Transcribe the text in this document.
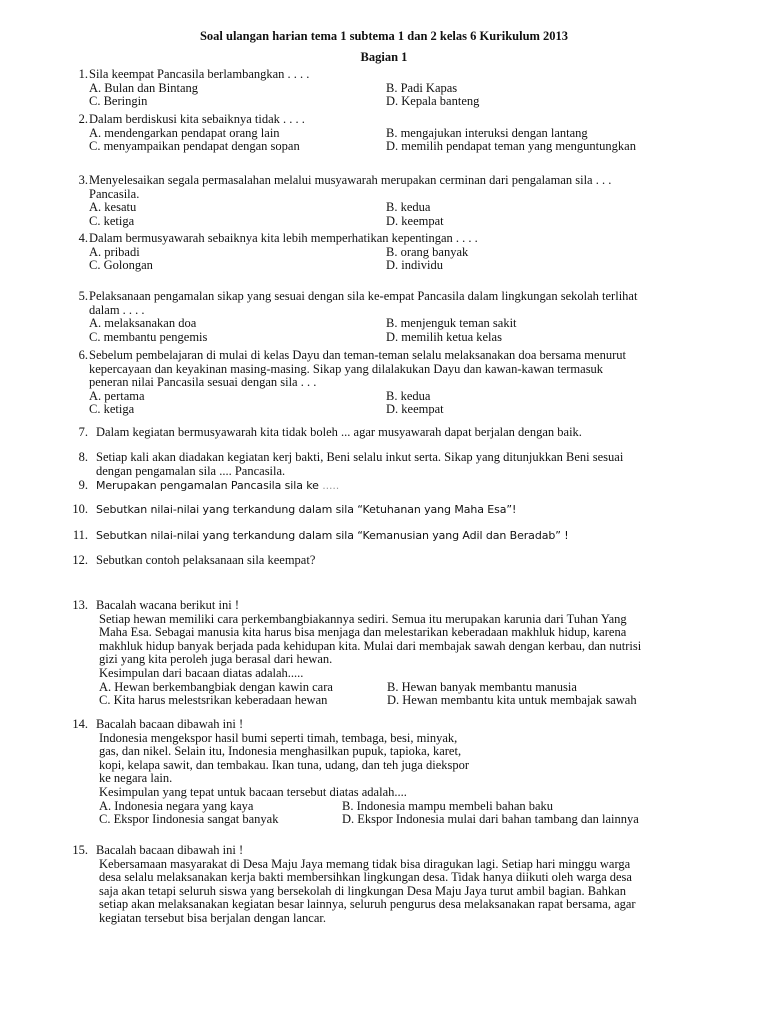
Soal ulangan harian tema 1 subtema 1 dan 2 kelas 6 Kurikulum 2013
Bagian 1
1. Sila keempat Pancasila berlambangkan . . . .
A. Bulan dan Bintang	B. Padi Kapas
C. Beringin	D. Kepala banteng
2. Dalam berdiskusi kita sebaiknya tidak . . . .
A. mendengarkan pendapat orang lain	B. mengajukan interuksi dengan lantang
C. menyampaikan pendapat dengan sopan	D. memilih pendapat teman yang menguntungkan
3. Menyelesaikan segala permasalahan melalui musyawarah merupakan cerminan dari pengalaman sila . . .
Pancasila.
A. kesatu	B. kedua
C. ketiga	D. keempat
4. Dalam bermusyawarah sebaiknya kita lebih memperhatikan kepentingan . . . .
A. pribadi	B. orang banyak
C. Golongan	D. individu
5. Pelaksanaan pengamalan sikap yang sesuai dengan sila ke-empat Pancasila dalam lingkungan sekolah terlihat
dalam . . . .
A. melaksanakan doa	B. menjenguk teman sakit
C. membantu pengemis	D. memilih ketua kelas
6. Sebelum pembelajaran di mulai di kelas Dayu dan teman-teman selalu melaksanakan doa bersama menurut
kepercayaan dan keyakinan masing-masing. Sikap yang dilalakukan Dayu dan kawan-kawan termasuk
peneran nilai Pancasila sesuai dengan sila . . .
A. pertama	B. kedua
C. ketiga	D. keempat
7. Dalam kegiatan bermusyawarah kita tidak boleh ... agar musyawarah dapat berjalan dengan baik.
8. Setiap kali akan diadakan kegiatan kerj bakti, Beni selalu inkut serta. Sikap yang ditunjukkan Beni sesuai
dengan pengamalan sila .... Pancasila.
9. Merupakan pengamalan Pancasila sila ke .....
10. Sebutkan nilai-nilai yang terkandung dalam sila “Ketuhanan yang Maha Esa”!
11. Sebutkan nilai-nilai yang terkandung dalam sila “Kemanusian yang Adil dan Beradab” !
12. Sebutkan contoh pelaksanaan sila keempat?
13. Bacalah wacana berikut ini !
Setiap hewan memiliki cara perkembangbiakannya sediri. Semua itu merupakan karunia dari Tuhan Yang
Maha Esa. Sebagai manusia kita harus bisa menjaga dan melestarikan keberadaan makhluk hidup, karena
makhluk hidup banyak berjada pada kehidupan kita. Mulai dari membajak sawah dengan kerbau, dan nutrisi
gizi yang kita peroleh juga berasal dari hewan.
Kesimpulan dari bacaan diatas adalah.....
A. Hewan berkembangbiak dengan kawin cara	B. Hewan banyak membantu manusia
C. Kita harus melestsrikan keberadaan hewan	D. Hewan membantu kita untuk membajak sawah
14. Bacalah bacaan dibawah ini !
Indonesia mengekspor hasil bumi seperti timah, tembaga, besi, minyak,
gas, dan nikel. Selain itu, Indonesia menghasilkan pupuk, tapioka, karet,
kopi, kelapa sawit, dan tembakau. Ikan tuna, udang, dan teh juga diekspor
ke negara lain.
Kesimpulan yang tepat untuk bacaan tersebut diatas adalah....
A. Indonesia negara yang kaya	B. Indonesia mampu membeli bahan baku
C. Ekspor Iindonesia sangat banyak	D. Ekspor Indonesia mulai dari bahan tambang dan lainnya
15. Bacalah bacaan dibawah ini !
Kebersamaan masyarakat di Desa Maju Jaya memang tidak bisa diragukan lagi. Setiap hari minggu warga
desa selalu melaksanakan kerja bakti membersihkan lingkungan desa. Tidak hanya diikuti oleh warga desa
saja akan tetapi seluruh siswa yang bersekolah di lingkungan Desa Maju Jaya turut ambil bagian. Bahkan
setiap akan melaksanakan kegiatan besar lainnya, seluruh pengurus desa melaksanakan rapat bersama, agar
kegiatan tersebut bisa berjalan dengan lancar.
